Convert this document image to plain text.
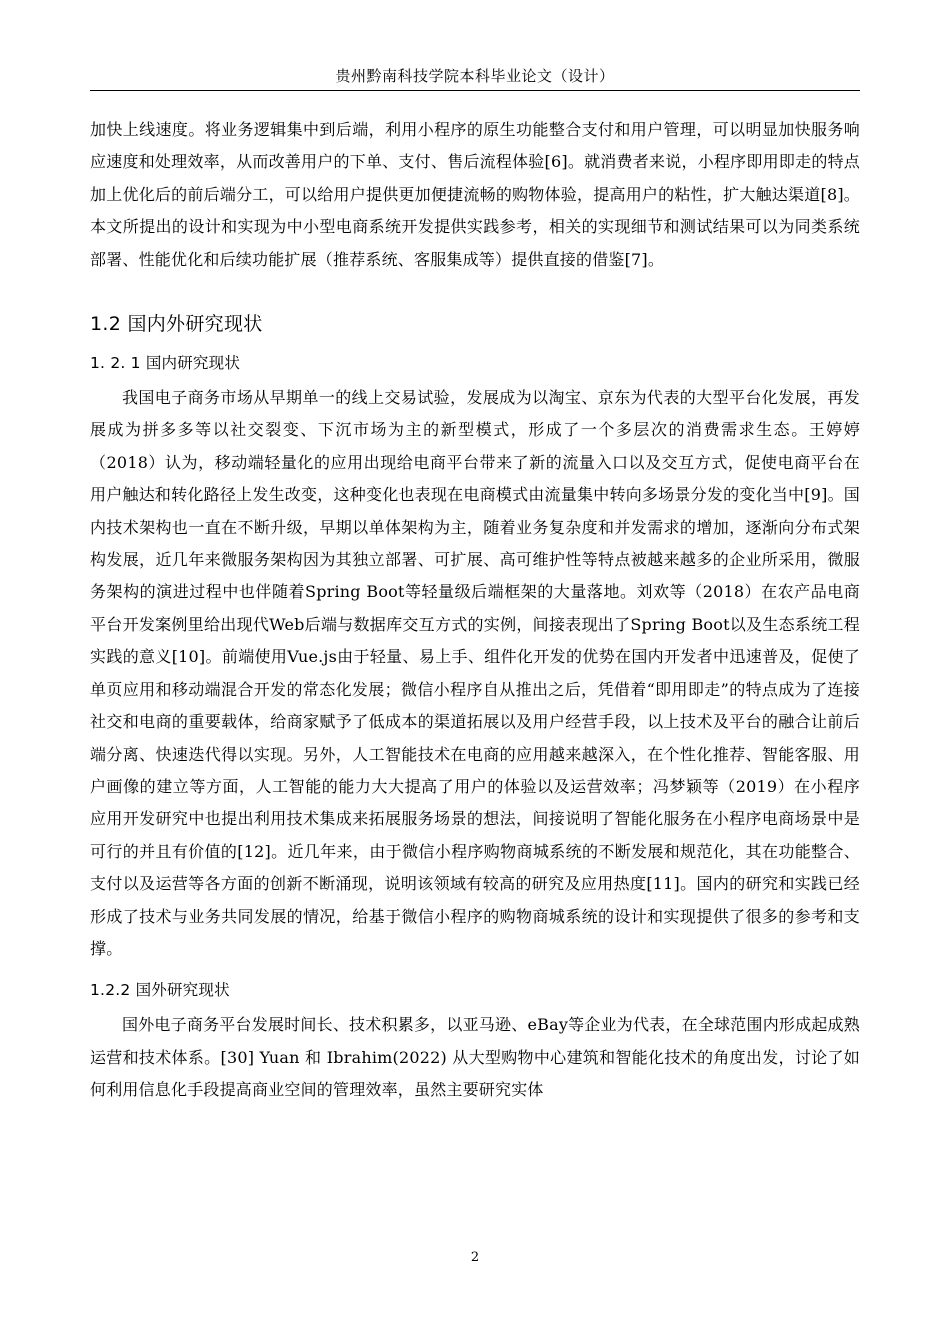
贵州黔南科技学院本科毕业论文（设计）

加快上线速度。将业务逻辑集中到后端，利用小程序的原生功能整合支付和用户管理，可以明显加快服务响应速度和处理效率，从而改善用户的下单、支付、售后流程体验[6]。就消费者来说，小程序即用即走的特点加上优化后的前后端分工，可以给用户提供更加便捷流畅的购物体验，提高用户的粘性，扩大触达渠道[8]。本文所提出的设计和实现为中小型电商系统开发提供实践参考，相关的实现细节和测试结果可以为同类系统部署、性能优化和后续功能扩展（推荐系统、客服集成等）提供直接的借鉴[7]。

1.2 国内外研究现状
1. 2. 1 国内研究现状

我国电子商务市场从早期单一的线上交易试验，发展成为以淘宝、京东为代表的大型平台化发展，再发展成为拼多多等以社交裂变、下沉市场为主的新型模式，形成了一个多层次的消费需求生态。王婷婷（2018）认为，移动端轻量化的应用出现给电商平台带来了新的流量入口以及交互方式，促使电商平台在用户触达和转化路径上发生改变，这种变化也表现在电商模式由流量集中转向多场景分发的变化当中[9]。国内技术架构也一直在不断升级，早期以单体架构为主，随着业务复杂度和并发需求的增加，逐渐向分布式架构发展，近几年来微服务架构因为其独立部署、可扩展、高可维护性等特点被越来越多的企业所采用，微服务架构的演进过程中也伴随着Spring Boot等轻量级后端框架的大量落地。刘欢等（2018）在农产品电商平台开发案例里给出现代Web后端与数据库交互方式的实例，间接表现出了Spring Boot以及生态系统工程实践的意义[10]。前端使用Vue.js由于轻量、易上手、组件化开发的优势在国内开发者中迅速普及，促使了单页应用和移动端混合开发的常态化发展；微信小程序自从推出之后，凭借着“即用即走”的特点成为了连接社交和电商的重要载体，给商家赋予了低成本的渠道拓展以及用户经营手段，以上技术及平台的融合让前后端分离、快速迭代得以实现。另外，人工智能技术在电商的应用越来越深入，在个性化推荐、智能客服、用户画像的建立等方面，人工智能的能力大大提高了用户的体验以及运营效率；冯梦颖等（2019）在小程序应用开发研究中也提出利用技术集成来拓展服务场景的想法，间接说明了智能化服务在小程序电商场景中是可行的并且有价值的[12]。近几年来，由于微信小程序购物商城系统的不断发展和规范化，其在功能整合、支付以及运营等各方面的创新不断涌现，说明该领域有较高的研究及应用热度[11]。国内的研究和实践已经形成了技术与业务共同发展的情况，给基于微信小程序的购物商城系统的设计和实现提供了很多的参考和支撑。

1.2.2 国外研究现状

国外电子商务平台发展时间长、技术积累多，以亚马逊、eBay等企业为代表，在全球范围内形成起成熟运营和技术体系。[30] Yuan 和 Ibrahim(2022) 从大型购物中心建筑和智能化技术的角度出发，讨论了如何利用信息化手段提高商业空间的管理效率，虽然主要研究实体

2
